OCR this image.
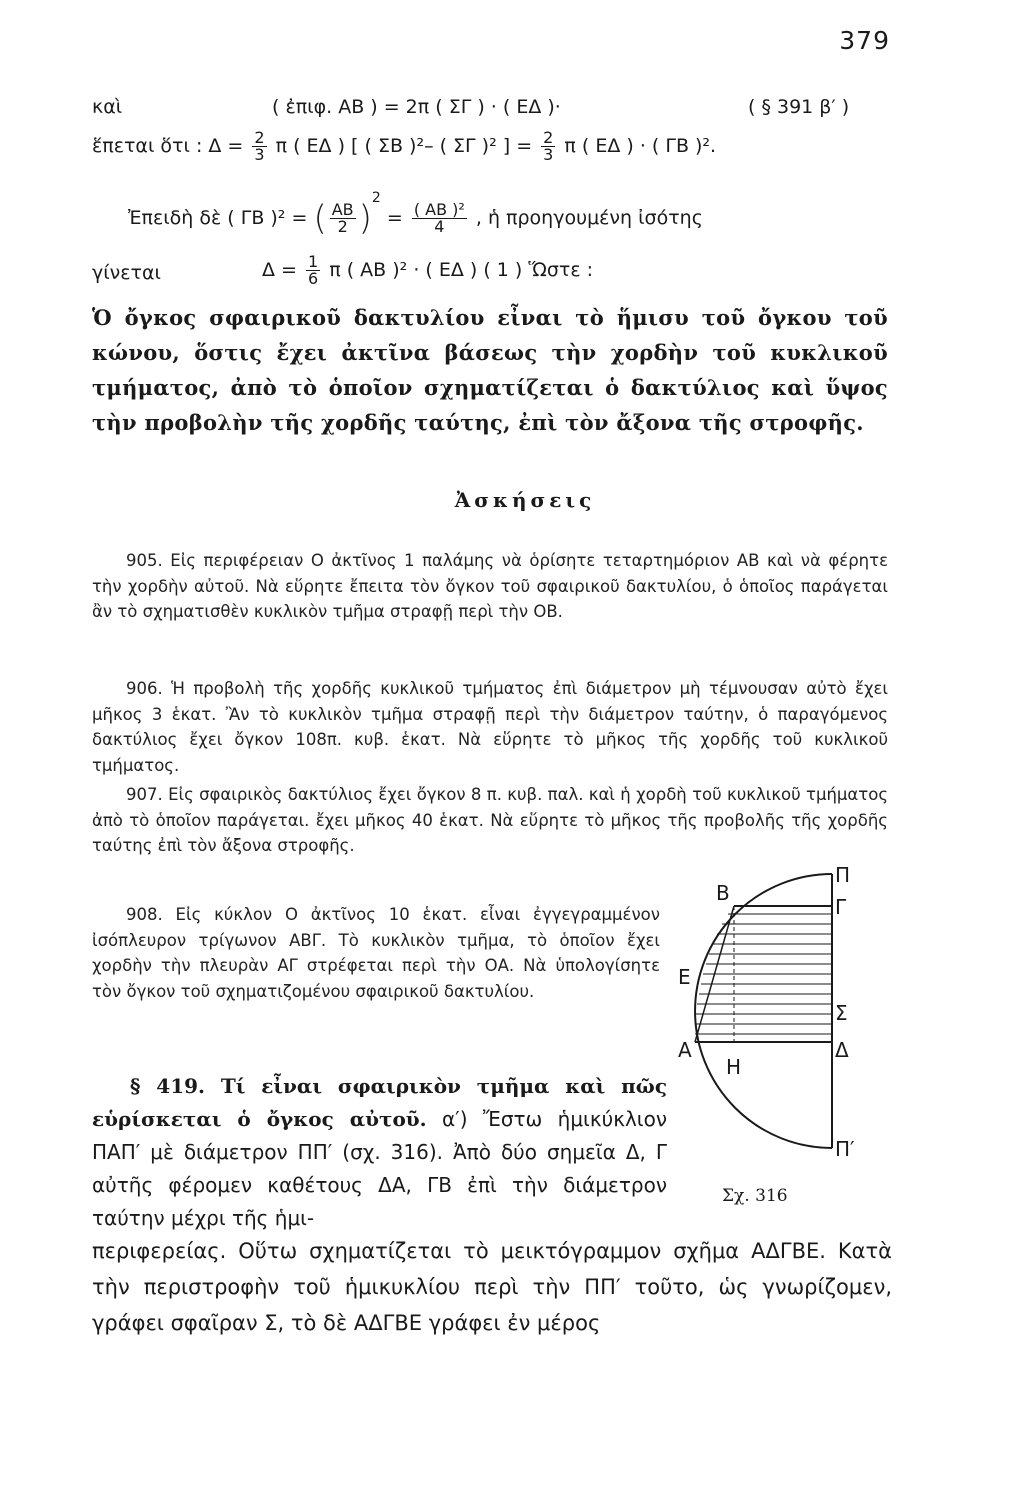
379
καὶ	( ἐπιφ. ΑΒ ) = 2π ( ΣΓ ) · ( ΕΔ )·	( § 391 β′ )
ἕπεται ὅτι : $\Delta = \frac{2}{3}$ π ( ΕΔ ) [ ( ΣΒ )²– ( ΣΓ )² ] = $\frac{2}{3}$ π ( ΕΔ ) · ( ΓΒ )².
Ἐπειδὴ δὲ ( ΓΒ )² = ( $\frac{AB}{2} )^2 = \frac{\text{( ΑΒ )²}}{4}$ , ἡ προηγουμένη ἰσότης
γίνεται	$\Delta = \frac{1}{6}$ π ( ΑΒ )² · ( ΕΔ ) ( 1 ) Ὥστε :
Ὁ ὄγκος σφαιρικοῦ δακτυλίου εἶναι τὸ ἥμισυ τοῦ ὄγκου τοῦ κώνου, ὅστις ἔχει ἀκτῖνα βάσεως τὴν χορδὴν τοῦ κυκλικοῦ τμήματος, ἀπὸ τὸ ὁποῖον σχηματίζεται ὁ δακτύλιος καὶ ὕψος τὴν προβολὴν τῆς χορδῆς ταύτης, ἐπὶ τὸν ἄξονα τῆς στροφῆς.
Ἀσκήσεις

905. Εἰς περιφέρειαν Ο ἀκτῖνος 1 παλάμης νὰ ὁρίσητε τεταρτημόριον ΑΒ καὶ νὰ φέρητε τὴν χορδὴν αὐτοῦ. Νὰ εὕρητε ἔπειτα τὸν ὄγκον τοῦ σφαιρικοῦ δακτυλίου, ὁ ὁποῖος παράγεται ἂν τὸ σχηματισθὲν κυκλικὸν τμῆμα στραφῇ περὶ τὴν ΟΒ.

906. Ἡ προβολὴ τῆς χορδῆς κυκλικοῦ τμήματος ἐπὶ διάμετρον μὴ τέμνουσαν αὐτὸ ἔχει μῆκος 3 ἑκατ. Ἂν τὸ κυκλικὸν τμῆμα στραφῇ περὶ τὴν διάμετρον ταύτην, ὁ παραγόμενος δακτύλιος ἔχει ὄγκον 108π. κυβ. ἑκατ. Νὰ εὕρητε τὸ μῆκος τῆς χορδῆς τοῦ κυκλικοῦ τμήματος.

907. Εἰς σφαιρικὸς δακτύλιος ἔχει ὄγκον 8 π. κυβ. παλ. καὶ ἡ χορδὴ τοῦ κυκλικοῦ τμήματος ἀπὸ τὸ ὁποῖον παράγεται. ἔχει μῆκος 40 ἑκατ. Νὰ εὕρητε τὸ μῆκος τῆς προβολῆς τῆς χορδῆς ταύτης ἐπὶ τὸν ἄξονα στροφῆς.

908. Εἰς κύκλον Ο ἀκτῖνος 10 ἑκατ. εἶναι ἐγγεγραμμένον ἰσόπλευρον τρίγωνον ΑΒΓ. Τὸ κυκλικὸν τμῆμα, τὸ ὁποῖον ἔχει χορδὴν τὴν πλευρὰν ΑΓ στρέφεται περὶ τὴν ΟΑ. Νὰ ὑπολογίσητε τὸν ὄγκον τοῦ σχηματιζομένου σφαιρικοῦ δακτυλίου.

§ 419. Τί εἶναι σφαιρικὸν τμῆμα καὶ πῶς εὑρίσκεται ὁ ὄγκος αὐτοῦ. α′) Ἔστω ἡμικύκλιον ΠΑΠ′ μὲ διάμετρον ΠΠ′ (σχ. 316). Ἀπὸ δύο σημεῖα Δ, Γ αὐτῆς φέρομεν καθέτους ΔΑ, ΓΒ ἐπὶ τὴν διάμετρον ταύτην μέχρι τῆς ἡμι-

περιφερείας. Οὕτω σχηματίζεται τὸ μεικτόγραμμον σχῆμα ΑΔΓΒΕ. Κατὰ τὴν περιστροφὴν τοῦ ἡμικυκλίου περὶ τὴν ΠΠ′ τοῦτο, ὡς γνωρίζομεν, γράφει σφαῖραν Σ, τὸ δὲ ΑΔΓΒΕ γράφει ἐν μέρος

Π
Β
Γ
Ε
Σ
Α	Δ
Η
Π′
Σχ. 316
